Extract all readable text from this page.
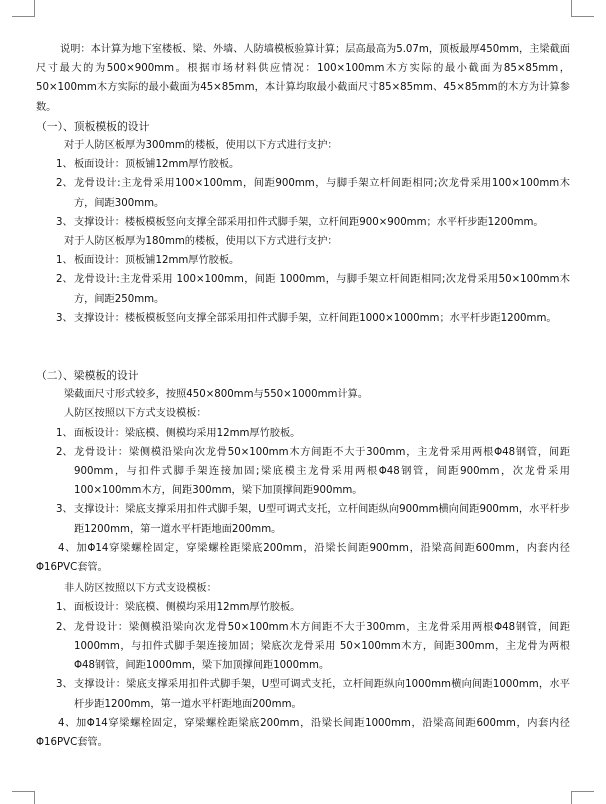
说明：本计算为地下室楼板、梁、外墙、人防墙模板验算计算；层高最高为5.07m，顶板最厚450mm，主梁截面尺寸最大的为500×900mm。根据市场材料供应情况：100×100mm木方实际的最小截面为85×85mm，50×100mm木方实际的最小截面为45×85mm，本计算均取最小截面尺寸85×85mm、45×85mm的木方为计算参数。
（一）、顶板模板的设计
对于人防区板厚为300mm的楼板，使用以下方式进行支护：
1、 板面设计：顶板铺12mm厚竹胶板。
2、 龙骨设计:主龙骨采用100×100mm，间距900mm，与脚手架立杆间距相同;次龙骨采用100×100mm木方，间距300mm。
3、 支撑设计：楼板模板竖向支撑全部采用扣件式脚手架，立杆间距900×900mm；水平杆步距1200mm。
对于人防区板厚为180mm的楼板，使用以下方式进行支护：
1、 板面设计：顶板铺12mm厚竹胶板。
2、 龙骨设计:主龙骨采用 100×100mm，间距 1000mm，与脚手架立杆间距相同;次龙骨采用50×100mm木方，间距250mm。
3、 支撑设计：楼板模板竖向支撑全部采用扣件式脚手架，立杆间距1000×1000mm；水平杆步距1200mm。
（二）、梁模板的设计
梁截面尺寸形式较多，按照450×800mm与550×1000mm计算。
人防区按照以下方式支设模板：
1、 面板设计：梁底模、侧模均采用12mm厚竹胶板。
2、 龙骨设计：梁侧模沿梁向次龙骨50×100mm木方间距不大于300mm，主龙骨采用两根Φ48钢管，间距900mm，与扣件式脚手架连接加固;梁底模主龙骨采用两根Φ48钢管，间距900mm，次龙骨采用100×100mm木方，间距300mm，梁下加顶撑间距900mm。
3、 支撑设计：梁底支撑采用扣件式脚手架，U型可调式支托，立杆间距纵向900mm横向间距900mm，水平杆步距1200mm，第一道水平杆距地面200mm。
4、加Φ14穿梁螺栓固定，穿梁螺栓距梁底200mm，沿梁长间距900mm，沿梁高间距600mm，内套内径Φ16PVC套管。
非人防区按照以下方式支设模板：
1、 面板设计：梁底模、侧模均采用12mm厚竹胶板。
2、 龙骨设计：梁侧模沿梁向次龙骨50×100mm木方间距不大于300mm，主龙骨采用两根Φ48钢管，间距1000mm，与扣件式脚手架连接加固；梁底次龙骨采用 50×100mm木方，间距300mm，主龙骨为两根Φ48钢管，间距1000mm，梁下加顶撑间距1000mm。
3、 支撑设计：梁底支撑采用扣件式脚手架，U型可调式支托，立杆间距纵向1000mm横向间距1000mm，水平杆步距1200mm，第一道水平杆距地面200mm。
4、加Φ14穿梁螺栓固定，穿梁螺栓距梁底200mm，沿梁长间距1000mm，沿梁高间距600mm，内套内径Φ16PVC套管。
